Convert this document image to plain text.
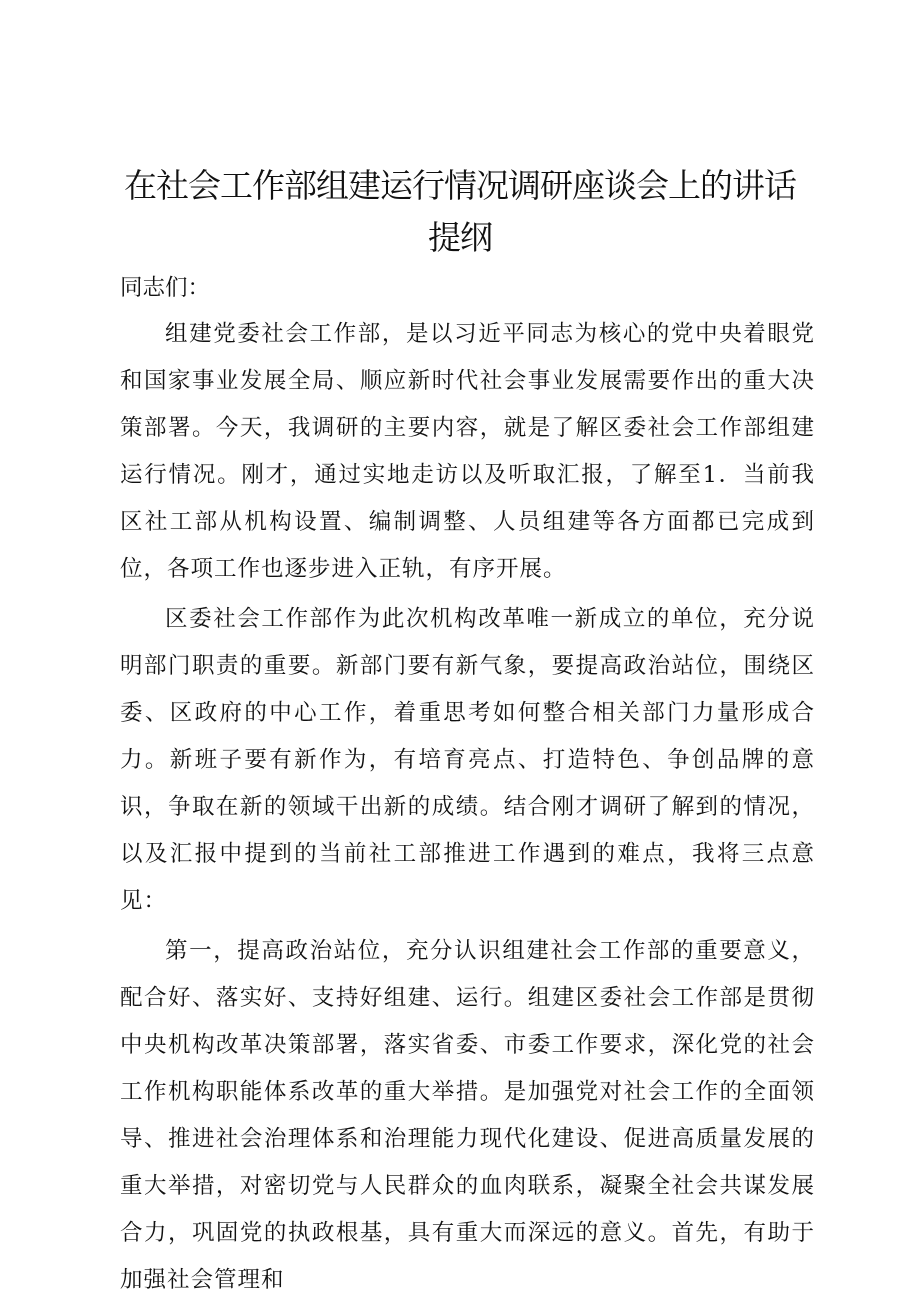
在社会工作部组建运行情况调研座谈会上的讲话提纲

同志们：

组建党委社会工作部，是以习近平同志为核心的党中央着眼党和国家事业发展全局、顺应新时代社会事业发展需要作出的重大决策部署。今天，我调研的主要内容，就是了解区委社会工作部组建运行情况。刚才，通过实地走访以及听取汇报，了解至1．当前我区社工部从机构设置、编制调整、人员组建等各方面都已完成到位，各项工作也逐步进入正轨，有序开展。

区委社会工作部作为此次机构改革唯一新成立的单位，充分说明部门职责的重要。新部门要有新气象，要提高政治站位，围绕区委、区政府的中心工作，着重思考如何整合相关部门力量形成合力。新班子要有新作为，有培育亮点、打造特色、争创品牌的意识，争取在新的领域干出新的成绩。结合刚才调研了解到的情况，以及汇报中提到的当前社工部推进工作遇到的难点，我将三点意见：

第一，提高政治站位，充分认识组建社会工作部的重要意义，配合好、落实好、支持好组建、运行。组建区委社会工作部是贯彻中央机构改革决策部署，落实省委、市委工作要求，深化党的社会工作机构职能体系改革的重大举措。是加强党对社会工作的全面领导、推进社会治理体系和治理能力现代化建设、促进高质量发展的重大举措，对密切党与人民群众的血肉联系，凝聚全社会共谋发展合力，巩固党的执政根基，具有重大而深远的意义。首先，有助于加强社会管理和
